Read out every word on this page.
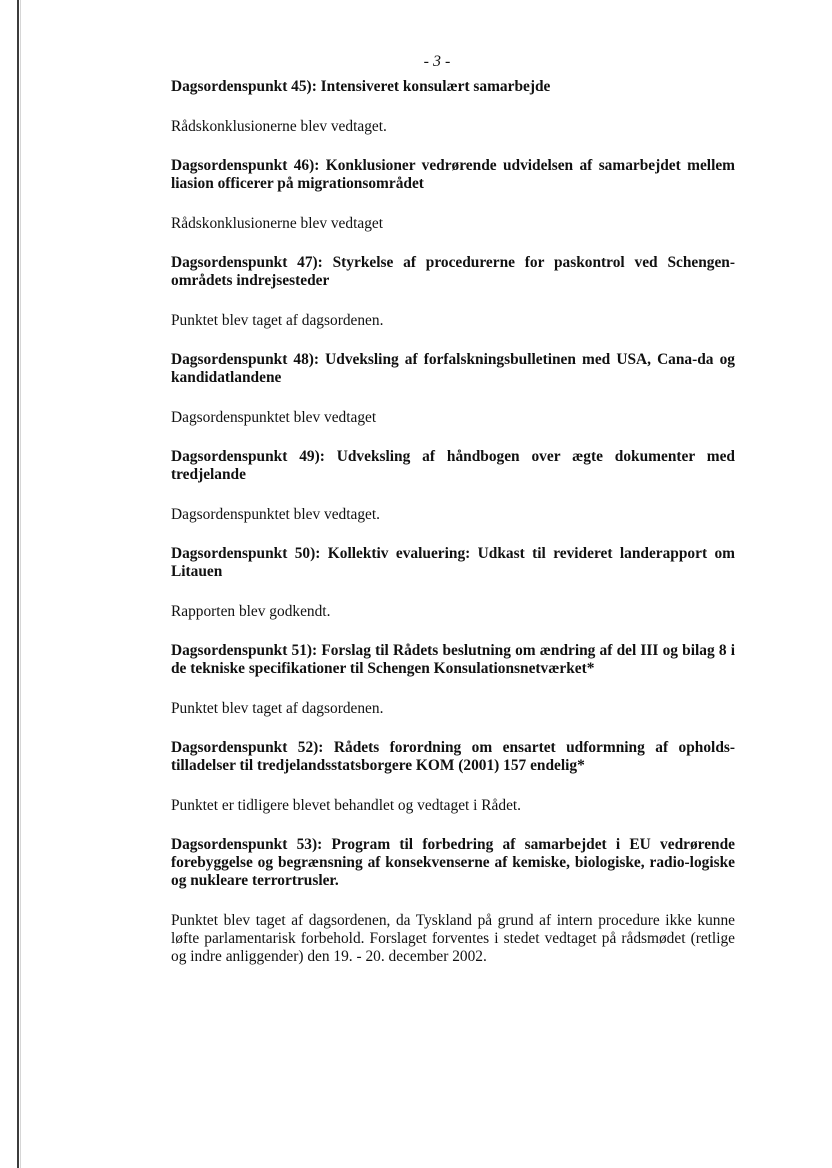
- 3 -

Dagsordenspunkt 45): Intensiveret konsulært samarbejde

Rådskonklusionerne blev vedtaget.

Dagsordenspunkt 46): Konklusioner vedrørende udvidelsen af samarbejdet mellem liasion officerer på migrationsområdet

Rådskonklusionerne blev vedtaget

Dagsordenspunkt 47): Styrkelse af procedurerne for paskontrol ved Schengen-områdets indrejsesteder

Punktet blev taget af dagsordenen.

Dagsordenspunkt 48): Udveksling af forfalskningsbulletinen med USA, Cana-da og kandidatlandene

Dagsordenspunktet blev vedtaget

Dagsordenspunkt 49): Udveksling af håndbogen over ægte dokumenter med tredjelande

Dagsordenspunktet blev vedtaget.

Dagsordenspunkt 50): Kollektiv evaluering: Udkast til revideret landerapport om Litauen

Rapporten blev godkendt.

Dagsordenspunkt 51): Forslag til Rådets beslutning om ændring af del III og bilag 8 i de tekniske specifikationer til Schengen Konsulationsnetværket*

Punktet blev taget af dagsordenen.

Dagsordenspunkt 52): Rådets forordning om ensartet udformning af opholds-tilladelser til tredjelandsstatsborgere KOM (2001) 157 endelig*

Punktet er tidligere blevet behandlet og vedtaget i Rådet.

Dagsordenspunkt 53): Program til forbedring af samarbejdet i EU vedrørende forebyggelse og begrænsning af konsekvenserne af kemiske, biologiske, radio-logiske og nukleare terrortrusler.

Punktet blev taget af dagsordenen, da Tyskland på grund af intern procedure ikke kunne løfte parlamentarisk forbehold. Forslaget forventes i stedet vedtaget på rådsmødet (retlige og indre anliggender) den 19. - 20. december 2002.
